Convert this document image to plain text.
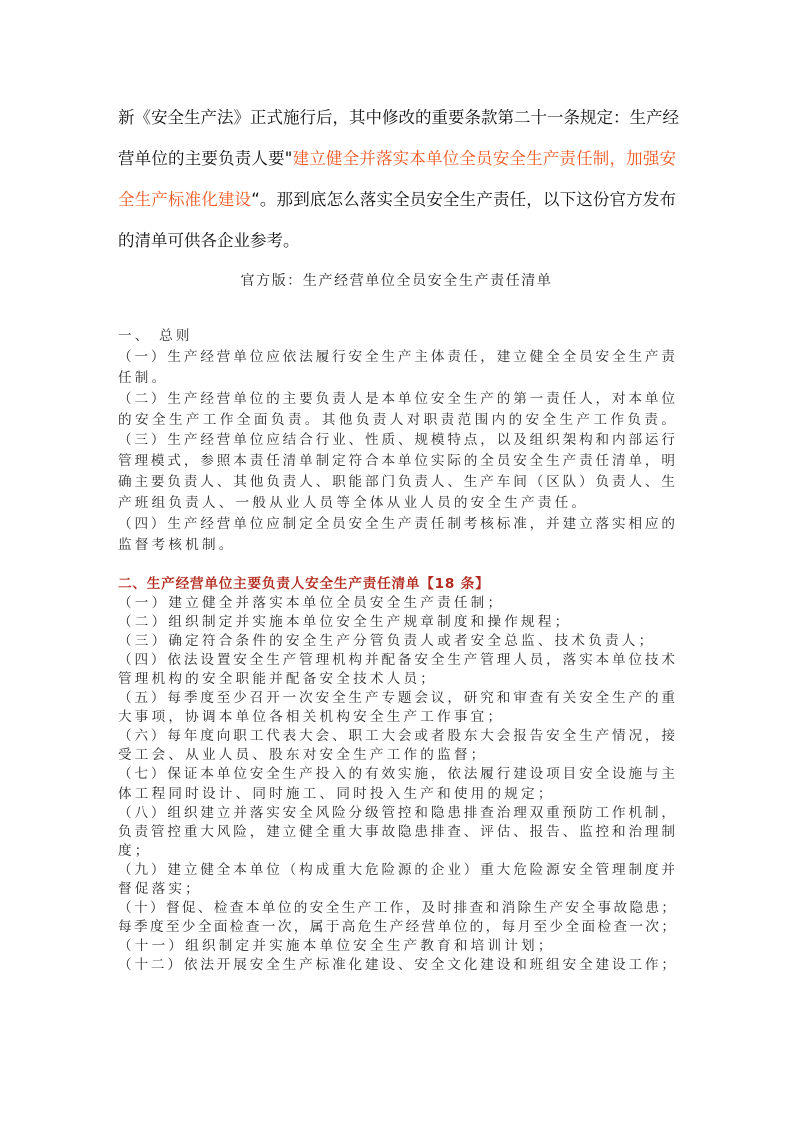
新《安全生产法》正式施行后，其中修改的重要条款第二十一条规定：生产经
营单位的主要负责人要"建立健全并落实本单位全员安全生产责任制，加强安
全生产标准化建设“。那到底怎么落实全员安全生产责任，以下这份官方发布
的清单可供各企业参考。
官方版：生产经营单位全员安全生产责任清单
一、 总则
（一）生产经营单位应依法履行安全生产主体责任，建立健全全员安全生产责
任制。
（二）生产经营单位的主要负责人是本单位安全生产的第一责任人，对本单位
的安全生产工作全面负责。其他负责人对职责范围内的安全生产工作负责。
（三）生产经营单位应结合行业、性质、规模特点，以及组织架构和内部运行
管理模式，参照本责任清单制定符合本单位实际的全员安全生产责任清单，明
确主要负责人、其他负责人、职能部门负责人、生产车间（区队）负责人、生
产班组负责人、一般从业人员等全体从业人员的安全生产责任。
（四）生产经营单位应制定全员安全生产责任制考核标准，并建立落实相应的
监督考核机制。
二、生产经营单位主要负责人安全生产责任清单【18 条】
（一）建立健全并落实本单位全员安全生产责任制；
（二）组织制定并实施本单位安全生产规章制度和操作规程；
（三）确定符合条件的安全生产分管负责人或者安全总监、技术负责人；
（四）依法设置安全生产管理机构并配备安全生产管理人员，落实本单位技术
管理机构的安全职能并配备安全技术人员；
（五）每季度至少召开一次安全生产专题会议，研究和审查有关安全生产的重
大事项，协调本单位各相关机构安全生产工作事宜；
（六）每年度向职工代表大会、职工大会或者股东大会报告安全生产情况，接
受工会、从业人员、股东对安全生产工作的监督；
（七）保证本单位安全生产投入的有效实施，依法履行建设项目安全设施与主
体工程同时设计、同时施工、同时投入生产和使用的规定；
（八）组织建立并落实安全风险分级管控和隐患排查治理双重预防工作机制，
负责管控重大风险，建立健全重大事故隐患排查、评估、报告、监控和治理制
度；
（九）建立健全本单位（构成重大危险源的企业）重大危险源安全管理制度并
督促落实；
（十）督促、检查本单位的安全生产工作，及时排查和消除生产安全事故隐患；
每季度至少全面检查一次，属于高危生产经营单位的，每月至少全面检查一次；
（十一）组织制定并实施本单位安全生产教育和培训计划；
（十二）依法开展安全生产标准化建设、安全文化建设和班组安全建设工作；
